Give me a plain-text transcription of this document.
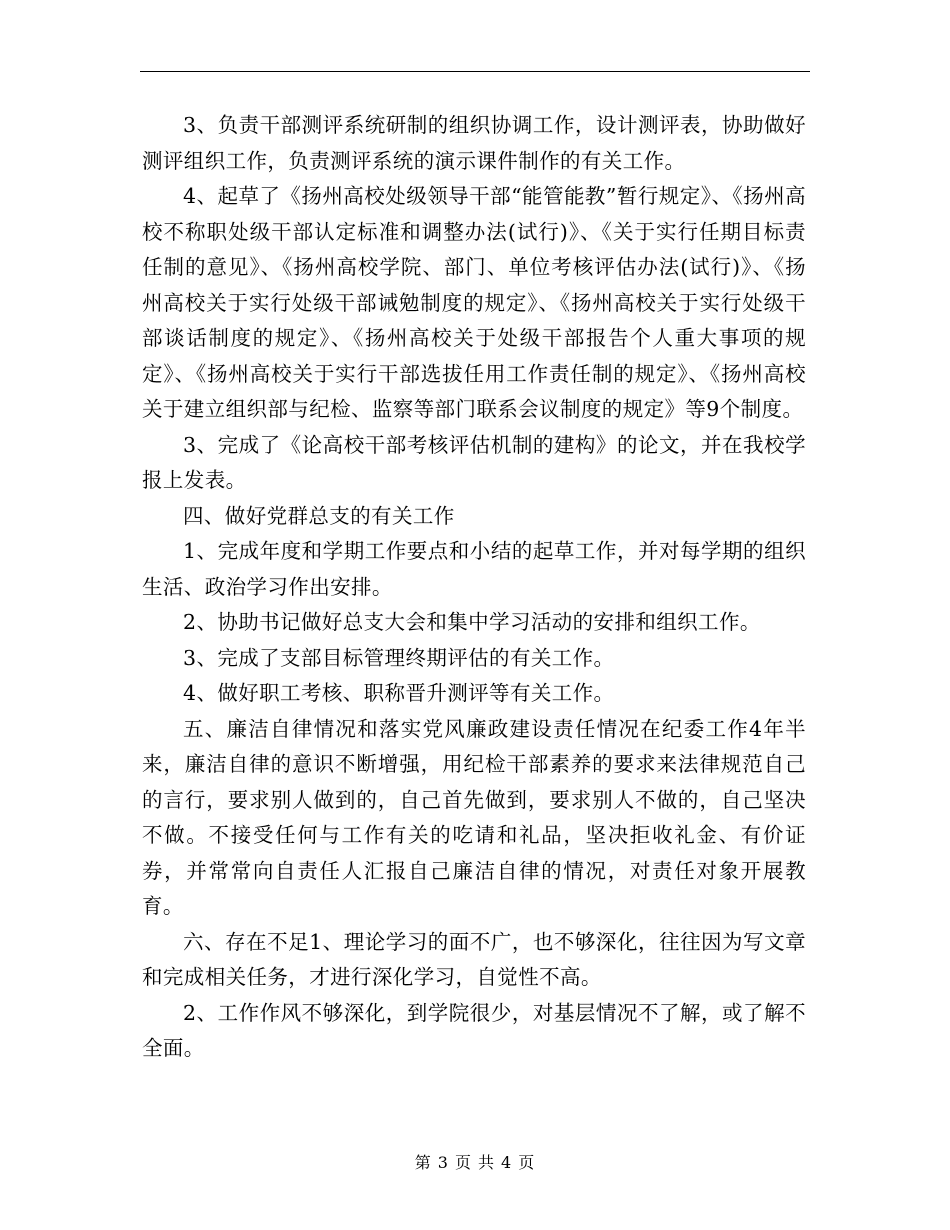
3、负责干部测评系统研制的组织协调工作，设计测评表，协助做好测评组织工作，负责测评系统的演示课件制作的有关工作。

4、起草了《扬州高校处级领导干部“能管能教”暂行规定》、《扬州高校不称职处级干部认定标准和调整办法(试行)》、《关于实行任期目标责任制的意见》、《扬州高校学院、部门、单位考核评估办法(试行)》、《扬州高校关于实行处级干部诫勉制度的规定》、《扬州高校关于实行处级干部谈话制度的规定》、《扬州高校关于处级干部报告个人重大事项的规定》、《扬州高校关于实行干部选拔任用工作责任制的规定》、《扬州高校关于建立组织部与纪检、监察等部门联系会议制度的规定》等9个制度。

3、完成了《论高校干部考核评估机制的建构》的论文，并在我校学报上发表。

四、做好党群总支的有关工作

1、完成年度和学期工作要点和小结的起草工作，并对每学期的组织生活、政治学习作出安排。

2、协助书记做好总支大会和集中学习活动的安排和组织工作。

3、完成了支部目标管理终期评估的有关工作。

4、做好职工考核、职称晋升测评等有关工作。

五、廉洁自律情况和落实党风廉政建设责任情况在纪委工作4年半来，廉洁自律的意识不断增强，用纪检干部素养的要求来法律规范自己的言行，要求别人做到的，自己首先做到，要求别人不做的，自己坚决不做。不接受任何与工作有关的吃请和礼品，坚决拒收礼金、有价证券，并常常向自责任人汇报自己廉洁自律的情况，对责任对象开展教育。

六、存在不足1、理论学习的面不广，也不够深化，往往因为写文章和完成相关任务，才进行深化学习，自觉性不高。

2、工作作风不够深化，到学院很少，对基层情况不了解，或了解不全面。

第 3 页 共 4 页
